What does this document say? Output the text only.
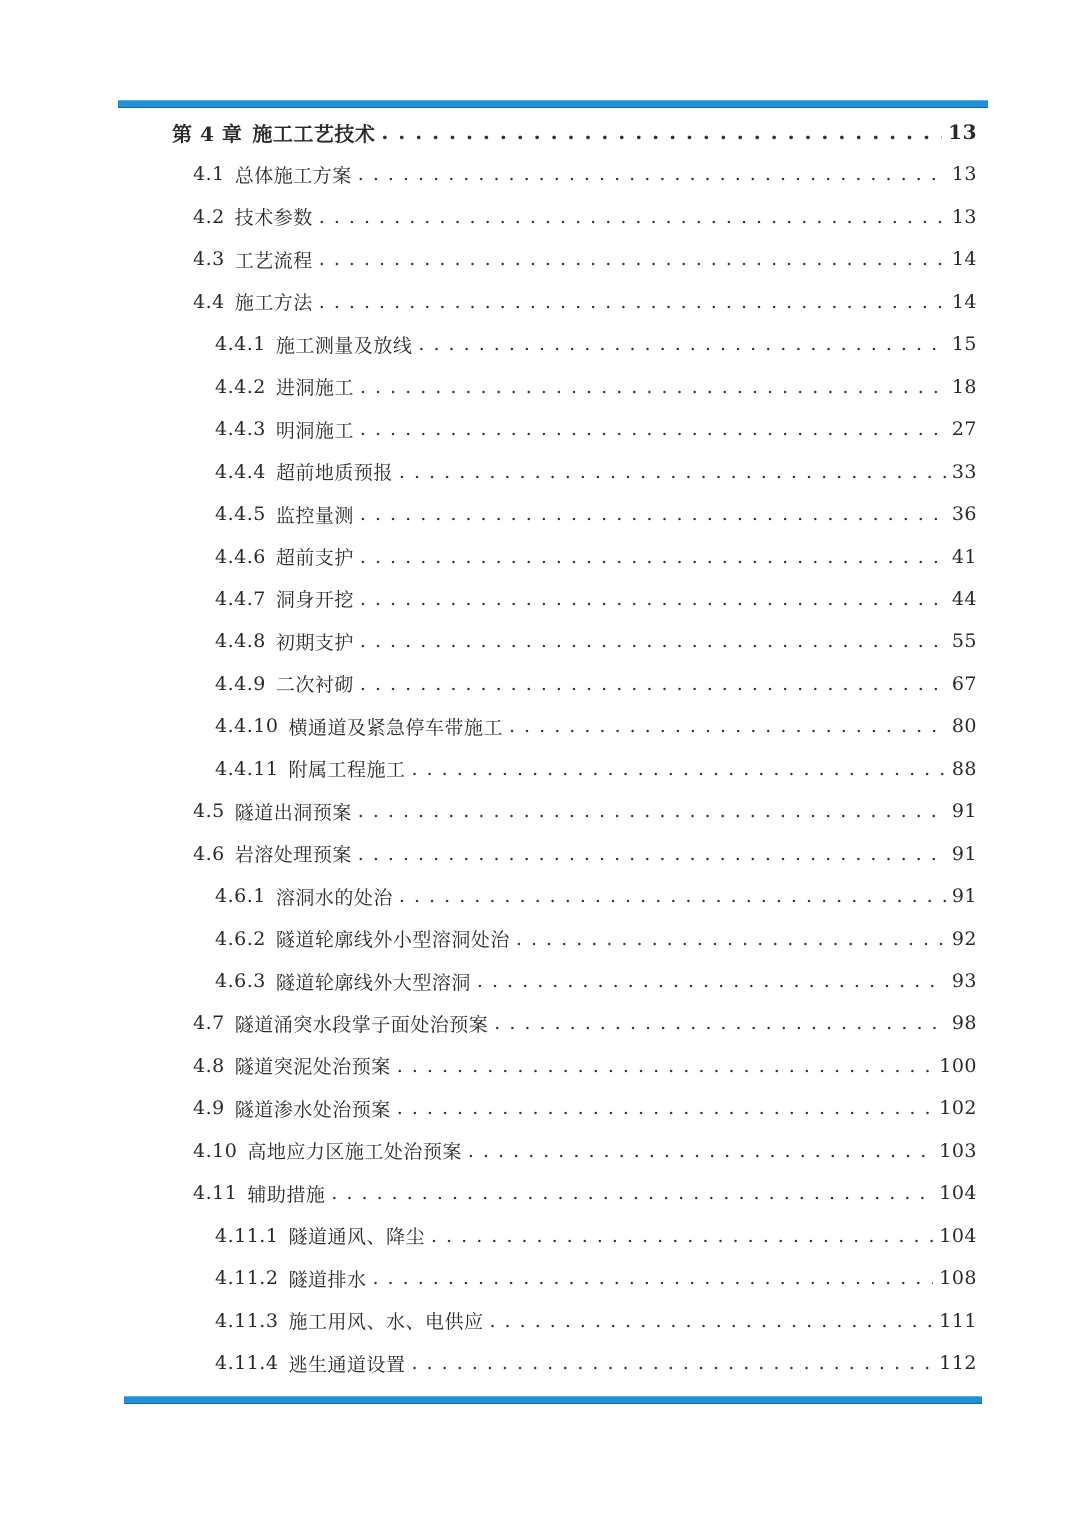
第 4 章 施工工艺技术 . . .	13
4.1 总体施工方案 . . .	13
4.2 技术参数 . . .	13
4.3 工艺流程 . . .	14
4.4 施工方法 . . .	14
4.4.1 施工测量及放线 . . .	15
4.4.2 进洞施工 . . .	18
4.4.3 明洞施工 . . .	27
4.4.4 超前地质预报 . . .	33
4.4.5 监控量测 . . .	36
4.4.6 超前支护 . . .	41
4.4.7 洞身开挖 . . .	44
4.4.8 初期支护 . . .	55
4.4.9 二次衬砌 . . .	67
4.4.10 横通道及紧急停车带施工 . . .	80
4.4.11 附属工程施工 . . .	88
4.5 隧道出洞预案 . . .	91
4.6 岩溶处理预案 . . .	91
4.6.1 溶洞水的处治 . . .	91
4.6.2 隧道轮廓线外小型溶洞处治 . . .	92
4.6.3 隧道轮廓线外大型溶洞 . . .	93
4.7 隧道涌突水段掌子面处治预案 . . .	98
4.8 隧道突泥处治预案 . . .	100
4.9 隧道渗水处治预案 . . .	102
4.10 高地应力区施工处治预案 . . .	103
4.11 辅助措施 . . .	104
4.11.1 隧道通风、降尘 . . .	104
4.11.2 隧道排水 . . .	108
4.11.3 施工用风、水、电供应 . . .	111
4.11.4 逃生通道设置 . . .	112
